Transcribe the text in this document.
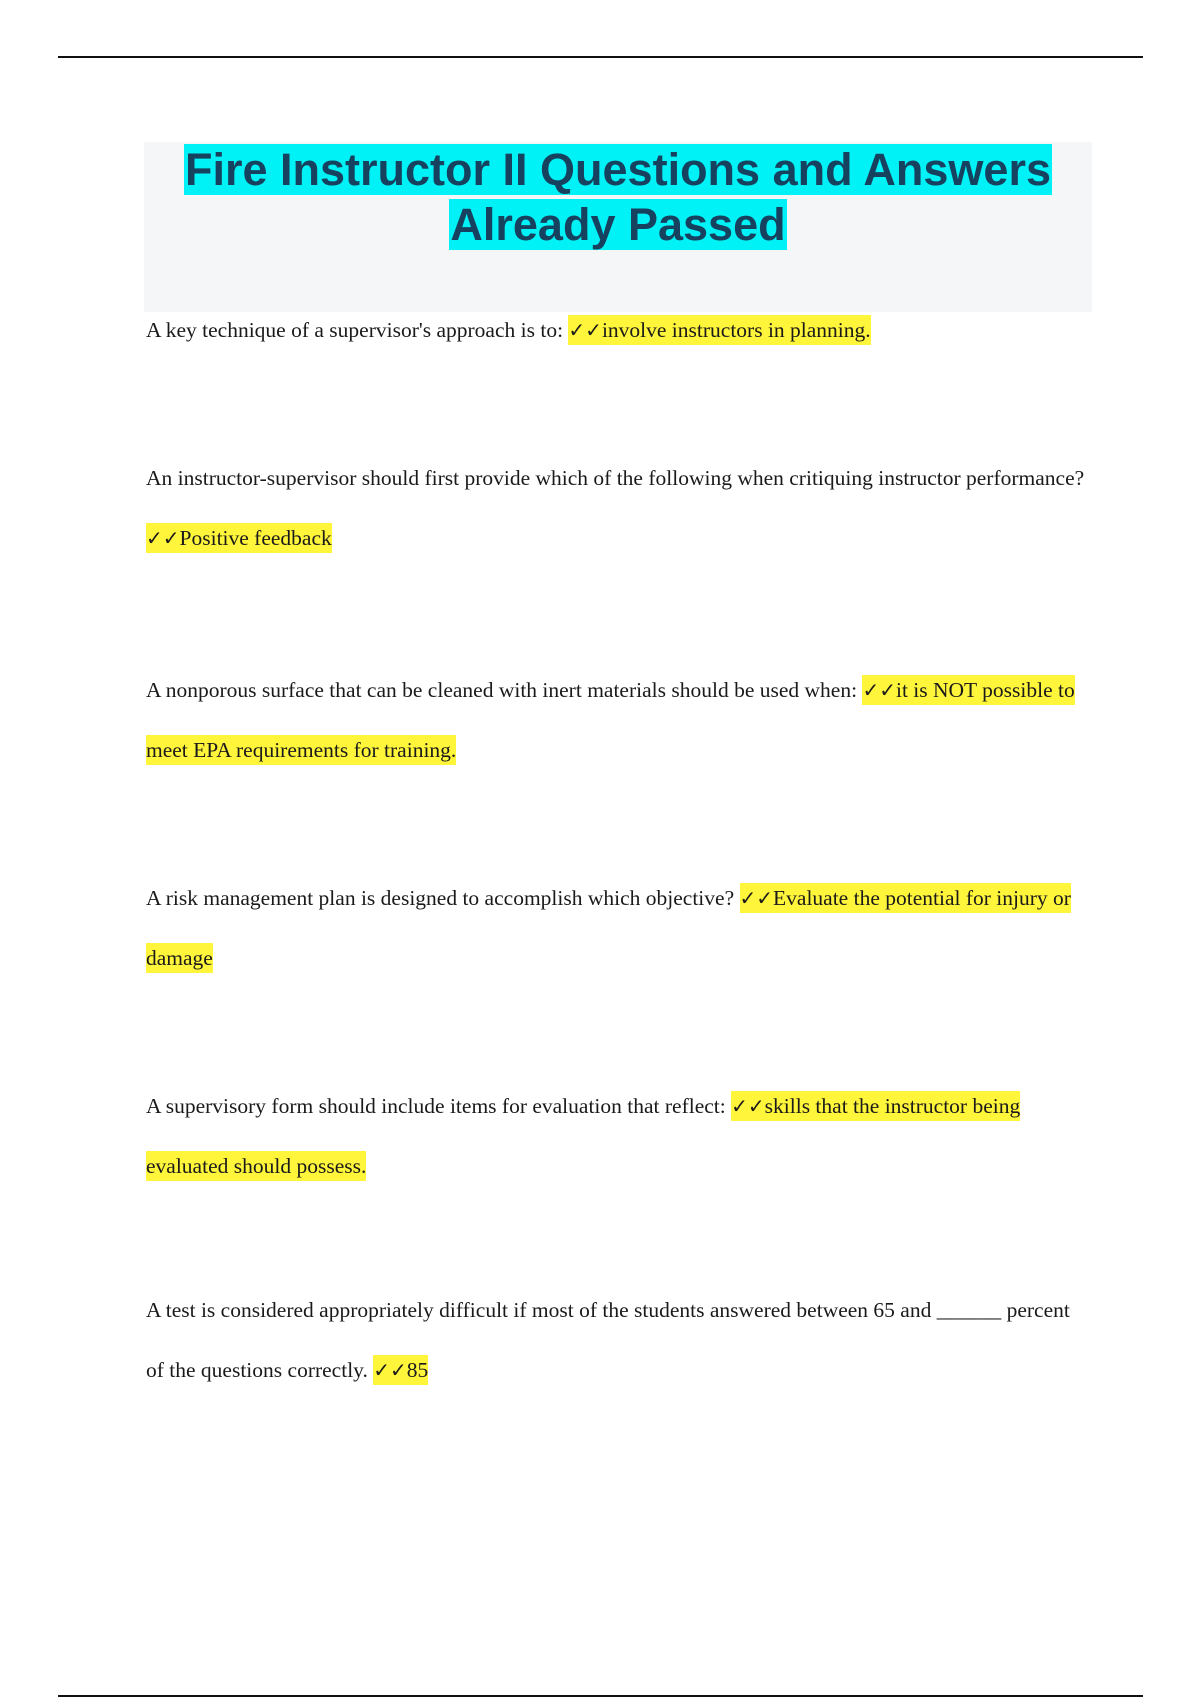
Fire Instructor II Questions and Answers

Already Passed

A key technique of a supervisor's approach is to: ✓✓involve instructors in planning.

An instructor-supervisor should first provide which of the following when critiquing instructor performance? ✓✓Positive feedback

A nonporous surface that can be cleaned with inert materials should be used when: ✓✓it is NOT possible to meet EPA requirements for training.

A risk management plan is designed to accomplish which objective? ✓✓Evaluate the potential for injury or damage

A supervisory form should include items for evaluation that reflect: ✓✓skills that the instructor being evaluated should possess.

A test is considered appropriately difficult if most of the students answered between 65 and ______ percent of the questions correctly. ✓✓85
